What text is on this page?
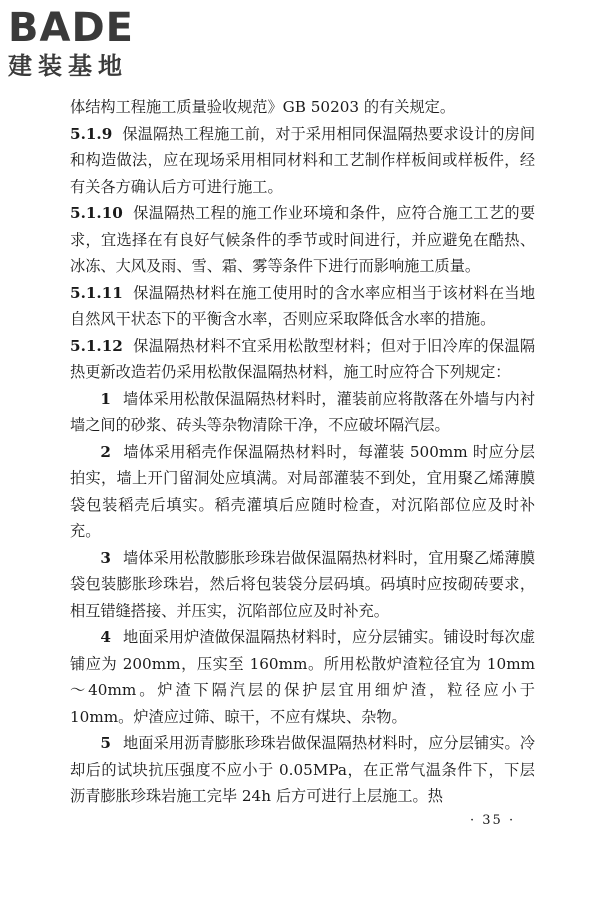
BADE
建装基地

体结构工程施工质量验收规范》GB 50203 的有关规定。

5.1.9 保温隔热工程施工前，对于采用相同保温隔热要求设计的房间和构造做法，应在现场采用相同材料和工艺制作样板间或样板件，经有关各方确认后方可进行施工。

5.1.10 保温隔热工程的施工作业环境和条件，应符合施工工艺的要求，宜选择在有良好气候条件的季节或时间进行，并应避免在酷热、冰冻、大风及雨、雪、霜、雾等条件下进行而影响施工质量。

5.1.11 保温隔热材料在施工使用时的含水率应相当于该材料在当地自然风干状态下的平衡含水率，否则应采取降低含水率的措施。

5.1.12 保温隔热材料不宜采用松散型材料；但对于旧冷库的保温隔热更新改造若仍采用松散保温隔热材料，施工时应符合下列规定：

1 墙体采用松散保温隔热材料时，灌装前应将散落在外墙与内衬墙之间的砂浆、砖头等杂物清除干净，不应破坏隔汽层。

2 墙体采用稻壳作保温隔热材料时，每灌装 500mm 时应分层拍实，墙上开门留洞处应填满。对局部灌装不到处，宜用聚乙烯薄膜袋包装稻壳后填实。稻壳灌填后应随时检查，对沉陷部位应及时补充。

3 墙体采用松散膨胀珍珠岩做保温隔热材料时，宜用聚乙烯薄膜袋包装膨胀珍珠岩，然后将包装袋分层码填。码填时应按砌砖要求，相互错缝搭接、并压实，沉陷部位应及时补充。

4 地面采用炉渣做保温隔热材料时，应分层铺实。铺设时每次虚铺应为 200mm，压实至 160mm。所用松散炉渣粒径宜为 10mm～40mm。炉渣下隔汽层的保护层宜用细炉渣，粒径应小于 10mm。炉渣应过筛、晾干，不应有煤块、杂物。

5 地面采用沥青膨胀珍珠岩做保温隔热材料时，应分层铺实。冷却后的试块抗压强度不应小于 0.05MPa，在正常气温条件下，下层沥青膨胀珍珠岩施工完毕 24h 后方可进行上层施工。热

· 35 ·
